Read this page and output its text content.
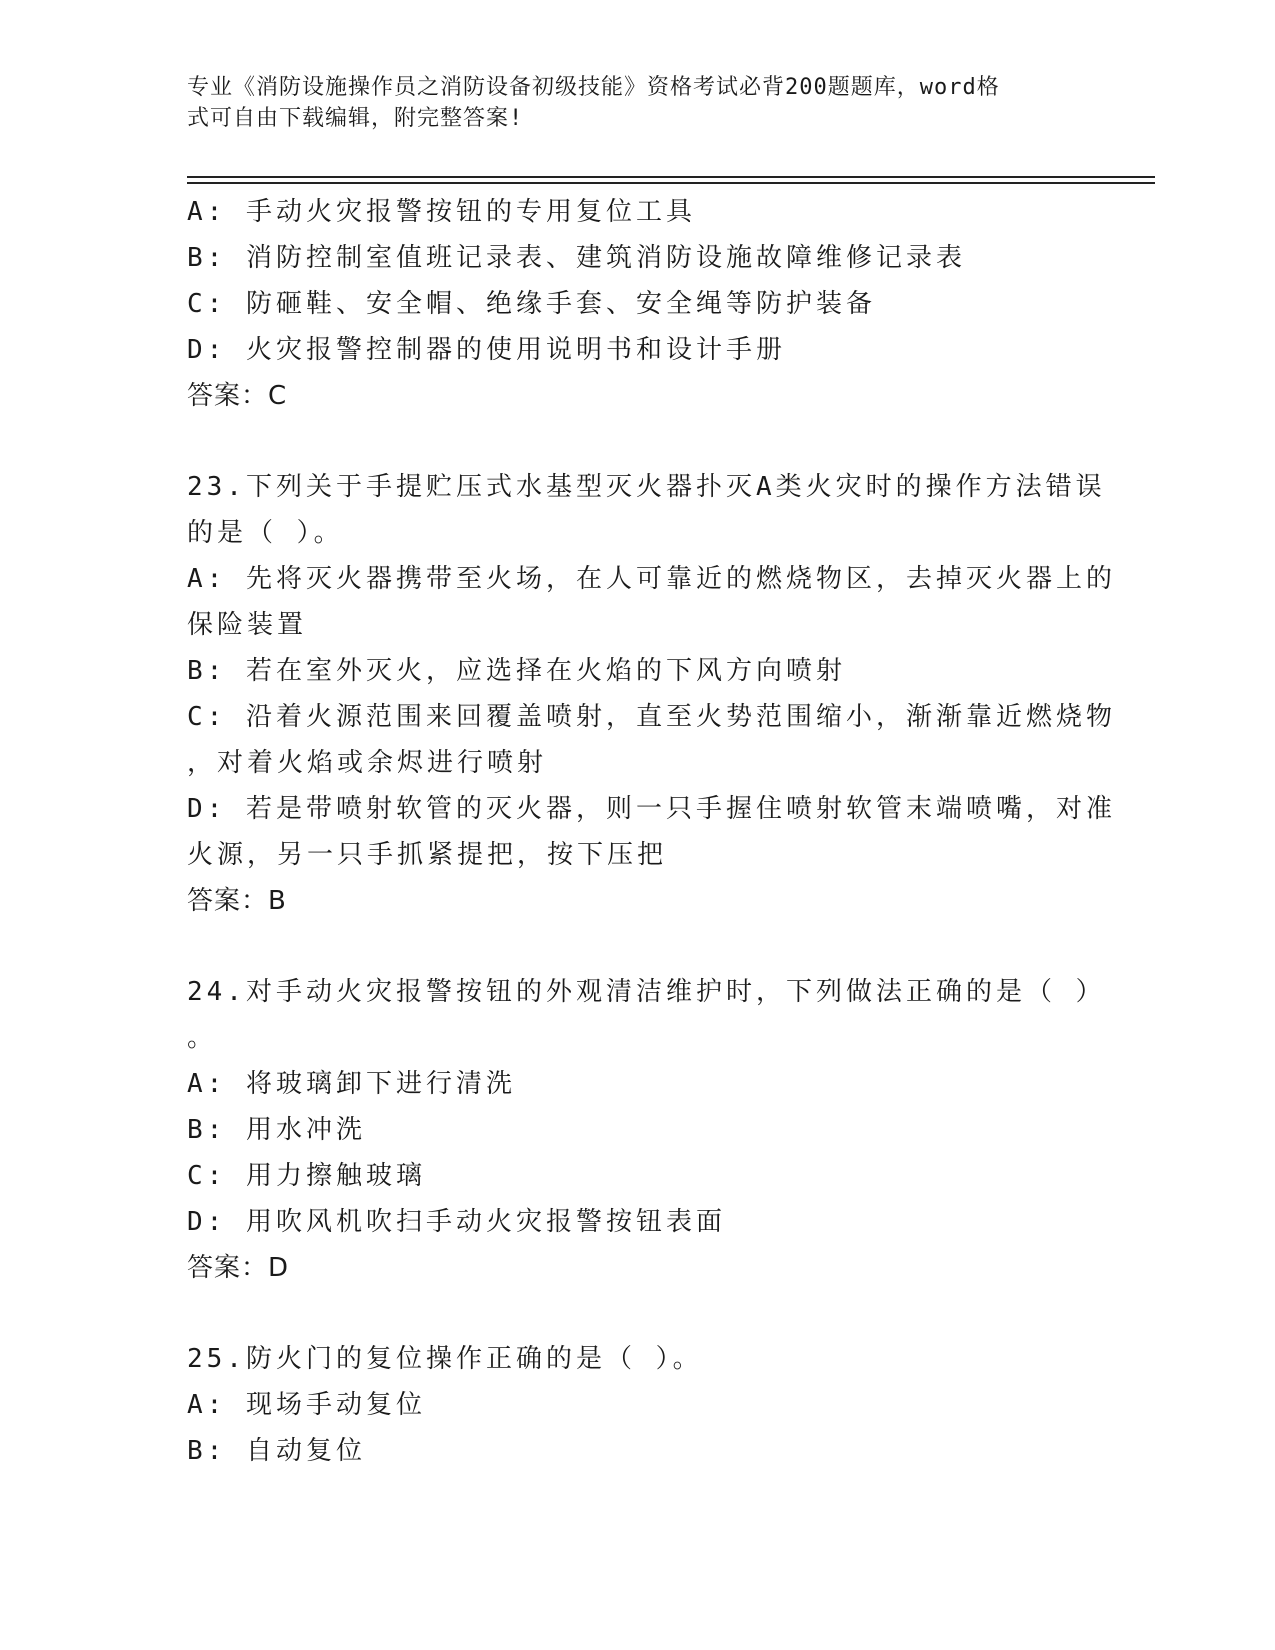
专业《消防设施操作员之消防设备初级技能》资格考试必背200题题库，word格
式可自由下载编辑，附完整答案!
A: 手动火灾报警按钮的专用复位工具
B: 消防控制室值班记录表、建筑消防设施故障维修记录表
C: 防砸鞋、安全帽、绝缘手套、安全绳等防护装备
D: 火灾报警控制器的使用说明书和设计手册
答案：C
23.下列关于手提贮压式水基型灭火器扑灭A类火灾时的操作方法错误
的是（ ）。
A: 先将灭火器携带至火场，在人可靠近的燃烧物区，去掉灭火器上的
保险装置
B: 若在室外灭火，应选择在火焰的下风方向喷射
C: 沿着火源范围来回覆盖喷射，直至火势范围缩小，渐渐靠近燃烧物
，对着火焰或余烬进行喷射
D: 若是带喷射软管的灭火器，则一只手握住喷射软管末端喷嘴，对准
火源，另一只手抓紧提把，按下压把
答案：B
24.对手动火灾报警按钮的外观清洁维护时，下列做法正确的是（ ）
。
A: 将玻璃卸下进行清洗
B: 用水冲洗
C: 用力擦触玻璃
D: 用吹风机吹扫手动火灾报警按钮表面
答案：D
25.防火门的复位操作正确的是（ ）。
A: 现场手动复位
B: 自动复位
